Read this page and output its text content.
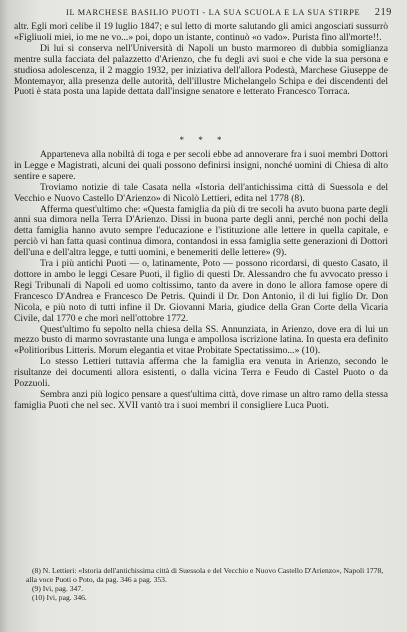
IL MARCHESE BASILIO PUOTI - LA SUA SCUOLA E LA SUA STIRPE 219

altr. Egli morì celibe il 19 luglio 1847; e sul letto di morte salutando gli amici angosciati sussurrò «Figliuoli miei, io me ne vo...» poi, dopo un istante, continuò «o vado». Purista fino all'morte!!.

Di lui si conserva nell'Università di Napoli un busto marmoreo di dubbia somiglianza mentre sulla facciata del palazzetto d'Arienzo, che fu degli avi suoi e che vide la sua persona e studiosa adolescenza, il 2 maggio 1932, per iniziativa dell'allora Podestà, Marchese Giuseppe de Montemayor, alla presenza delle autorità, dell'illustre Michelangelo Schipa e dei discendenti del Puoti è stata posta una lapide dettata dall'insigne senatore e letterato Francesco Torraca.

* * *

Apparteneva alla nobiltà di toga e per secoli ebbe ad annoverare fra i suoi membri Dottori in Legge e Magistrati, alcuni dei quali possono definirsi insigni, nonché uomini di Chiesa di alto sentire e sapere.

Troviamo notizie di tale Casata nella «Istoria dell'antichissima città di Suessola e del Vecchio e Nuovo Castello D'Arienzo» di Nicolò Lettieri, edita nel 1778 (8).

Afferma quest'ultimo che: «Questa famiglia da più di tre secoli ha avuto buona parte degli anni sua dimora nella Terra D'Arienzo. Dissi in buona parte degli anni, perché non pochi della detta famiglia hanno avuto sempre l'educazione e l'istituzione alle lettere in quella capitale, e perciò vi han fatta quasi continua dimora, contandosi in essa famiglia sette generazioni di Dottori dell'una e dell'altra legge, e tutti uomini, e benemeriti delle lettere» (9).

Tra i più antichi Puoti — o, latinamente, Poto — possono ricordarsi, di questo Casato, il dottore in ambo le leggi Cesare Puoti, il figlio di questi Dr. Alessandro che fu avvocato presso i Regi Tribunali di Napoli ed uomo coltissimo, tanto da avere in dono le allora famose opere di Francesco D'Andrea e Francesco De Petris. Quindi il Dr. Don Antonio, il di lui figlio Dr. Don Nicola, e più noto di tutti infine il Dr. Giovanni Maria, giudice della Gran Corte della Vicaria Civile, dal 1770 e che morì nell'ottobre 1772.

Quest'ultimo fu sepolto nella chiesa della SS. Annunziata, in Arienzo, dove era di lui un mezzo busto di marmo sovrastante una lunga e ampollosa iscrizione latina. In questa era definito «Politioribus Litteris. Morum elegantia et vitae Probitate Spectatissimo...» (10).

Lo stesso Lettieri tuttavia afferma che la famiglia era venuta in Arienzo, secondo le risultanze dei documenti allora esistenti, o dalla vicina Terra e Feudo di Castel Puoto o da Pozzuoli.

Sembra anzi più logico pensare a quest'ultima città, dove rimase un altro ramo della stessa famiglia Puoti che nel sec. XVII vantò tra i suoi membri il consigliere Luca Puoti.

(8) N. Lettieri: «Istoria dell'antichissima città di Suessola e del Vecchio e Nuovo Castello D'Arienzo», Napoli 1778, alla voce Puoti o Poto, da pag. 346 a pag. 353.
(9) Ivi, pag. 347.
(10) Ivi, pag. 346.
